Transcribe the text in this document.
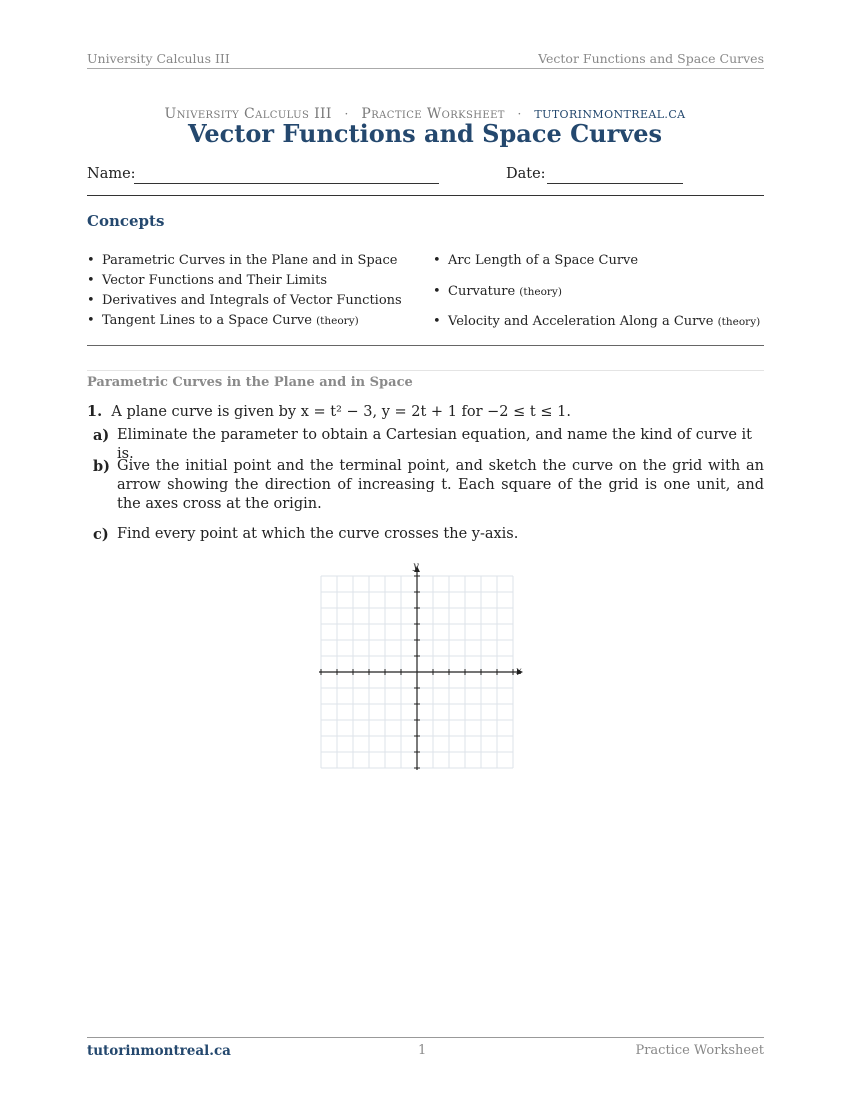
University Calculus III	Vector Functions and Space Curves
University Calculus III · Practice Worksheet · TUTORINMONTREAL.CA
Vector Functions and Space Curves
Name:	Date:
Concepts
• Parametric Curves in the Plane and in Space
• Vector Functions and Their Limits
• Derivatives and Integrals of Vector Functions
• Tangent Lines to a Space Curve (theory)
• Arc Length of a Space Curve
• Curvature (theory)
• Velocity and Acceleration Along a Curve (theory)
Parametric Curves in the Plane and in Space
1. A plane curve is given by x = t² − 3, y = 2t + 1 for −2 ≤ t ≤ 1.
a) Eliminate the parameter to obtain a Cartesian equation, and name the kind of curve it is.
b) Give the initial point and the terminal point, and sketch the curve on the grid with an arrow showing the direction of increasing t. Each square of the grid is one unit, and the axes cross at the origin.
c) Find every point at which the curve crosses the y-axis.
x
y
tutorinmontreal.ca	1	Practice Worksheet
